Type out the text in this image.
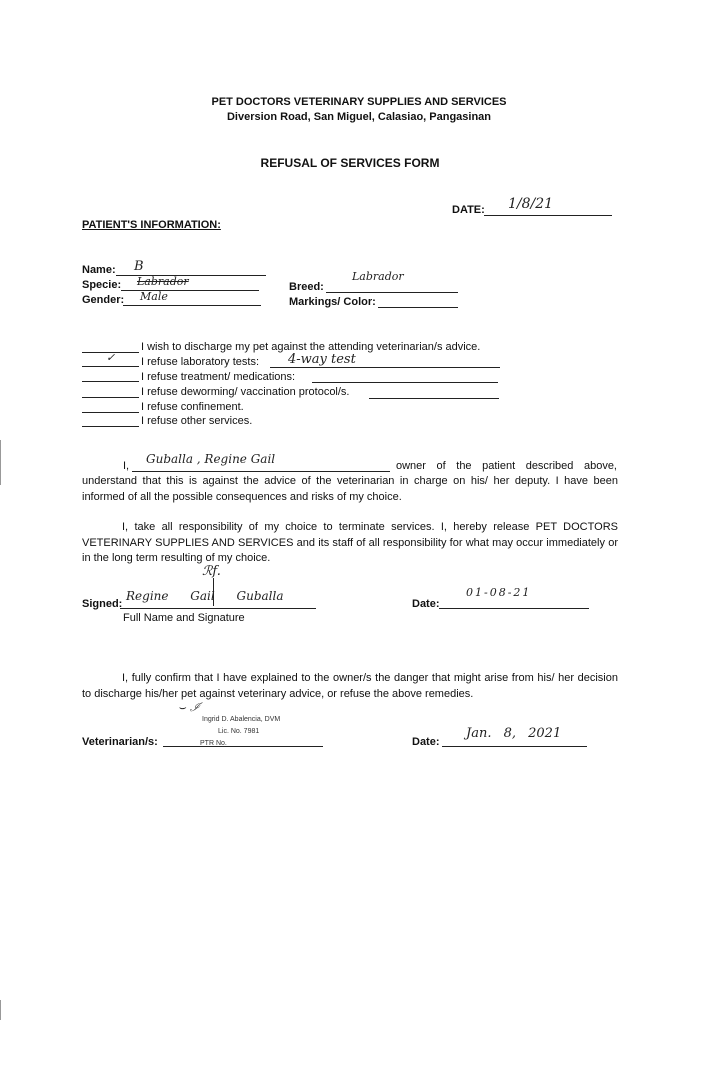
PET DOCTORS VETERINARY SUPPLIES AND SERVICES
Diversion Road, San Miguel, Calasiao, Pangasinan
REFUSAL OF SERVICES FORM
DATE: 1/8/21
PATIENT'S INFORMATION:
Name: B
Specie: Labrador
Gender: Male
Breed:
Labrador
Markings/ Color:
I wish to discharge my pet against the attending veterinarian/s advice.
✓ I refuse laboratory tests: 4-way test
I refuse treatment/ medications:
I refuse deworming/ vaccination protocol/s.
I refuse confinement.
I refuse other services.
I, Guballa , Regine Gail	owner of the patient described above,
understand that this is against the advice of the veterinarian in charge on his/ her deputy. I have been informed of all the possible consequences and risks of my choice.
I, take all responsibility of my choice to terminate services. I, hereby release PET DOCTORS VETERINARY SUPPLIES AND SERVICES and its staff of all responsibility for what may occur immediately or in the long term resulting of my choice.
ℛf.
Signed:
Regine Gail Guballa
Full Name and Signature
Date:
01-08-21
I, fully confirm that I have explained to the owner/s the danger that might arise from his/ her decision to discharge his/her pet against veterinary advice, or refuse the above remedies.
⌣ ℐ
Ingrid D. Abalencia, DVM
Lic. No. 7981
PTR No.
Veterinarian/s:	Date:
Jan. 8, 2021
